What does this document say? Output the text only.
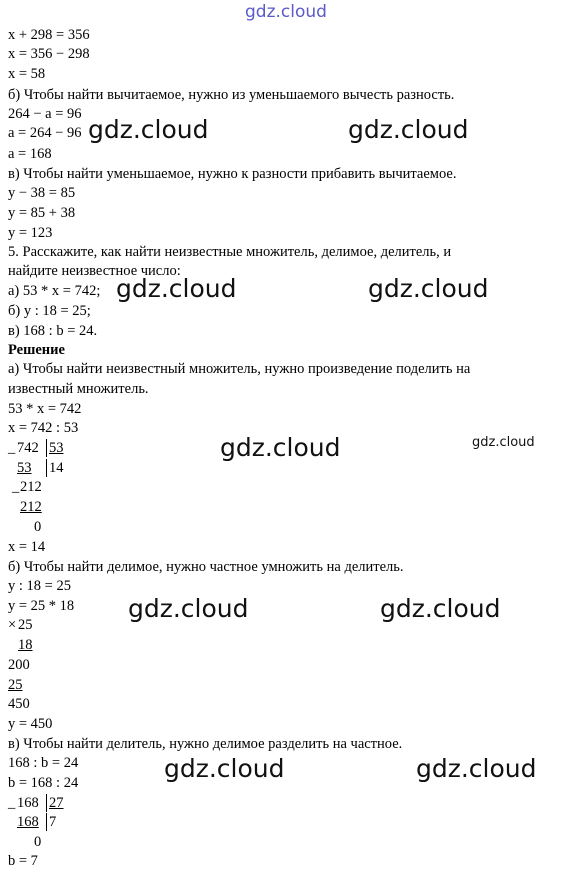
gdz.cloud
x + 298 = 356
x = 356 − 298
x = 58
б) Чтобы найти вычитаемое, нужно из уменьшаемого вычесть разность.
264 − a = 96
a = 264 − 96
a = 168
в) Чтобы найти уменьшаемое, нужно к разности прибавить вычитаемое.
y − 38 = 85
y = 85 + 38
y = 123
5. Расскажите, как найти неизвестные множитель, делимое, делитель, и
найдите неизвестное число:
а) 53 * x = 742;
б) y : 18 = 25;
в) 168 : b = 24.
Решение
а) Чтобы найти неизвестный множитель, нужно произведение поделить на
известный множитель.
53 * x = 742
x = 742 : 53
_ 742 53
53 14
_ 212
212
0
x = 14
б) Чтобы найти делимое, нужно частное умножить на делитель.
y : 18 = 25
y = 25 * 18
× 25
18
200
25
450
y = 450
в) Чтобы найти делитель, нужно делимое разделить на частное.
168 : b = 24
b = 168 : 24
_ 168 27
168 7
0
b = 7
gdz.cloud	gdz.cloud
gdz.cloud	gdz.cloud
gdz.cloud	gdz.cloud
gdz.cloud	gdz.cloud
gdz.cloud	gdz.cloud
